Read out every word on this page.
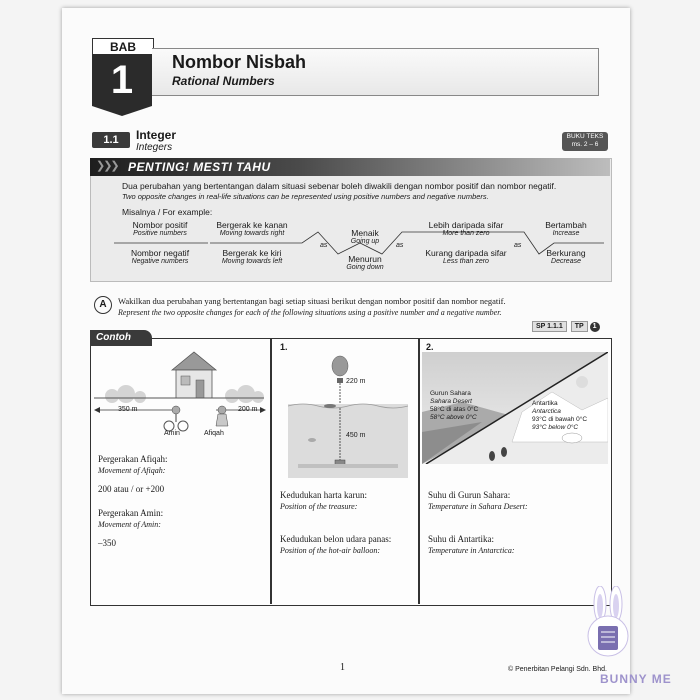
BAB
1	Nombor Nisbah
Rational Numbers
1.1	Integer
Integers
BUKU TEKS
ms. 2 – 6
❯❯❯ PENTING! MESTI TAHU
Dua perubahan yang bertentangan dalam situasi sebenar boleh diwakili dengan nombor positif dan nombor negatif.
Two opposite changes in real-life situations can be represented using positive numbers and negative numbers.
Misalnya / For example:
Nombor positif
Positive numbers
Nombor negatif
Negative numbers
Bergerak ke kanan
Moving towards right
Bergerak ke kiri
Moving towards left
as
Menaik
Going up
Menurun
Going down
as
Lebih daripada sifar
More than zero
Kurang daripada sifar
Less than zero
as
Bertambah
Increase
Berkurang
Decrease
A	Wakilkan dua perubahan yang bertentangan bagi setiap situasi berikut dengan nombor positif dan nombor negatif.
Represent the two opposite changes for each of the following situations using a positive number and a negative number.
SP 1.1.1 TP 1
Contoh
350 m	200 m
Amin	Afiqah
Pergerakan Afiqah:
Movement of Afiqah:
200 atau / or +200
Pergerakan Amin:
Movement of Amin:
–350
1.
220 m
450 m
Kedudukan harta karun:
Position of the treasure:
Kedudukan belon udara panas:
Position of the hot-air balloon:
2.
Gurun Sahara
Sahara Desert
58°C di atas 0°C
58°C above 0°C
Antartika
Antarctica
93°C di bawah 0°C
93°C below 0°C
Suhu di Gurun Sahara:
Temperature in Sahara Desert:
Suhu di Antartika:
Temperature in Antarctica:
1	© Penerbitan Pelangi Sdn. Bhd.
BUNNY ME
